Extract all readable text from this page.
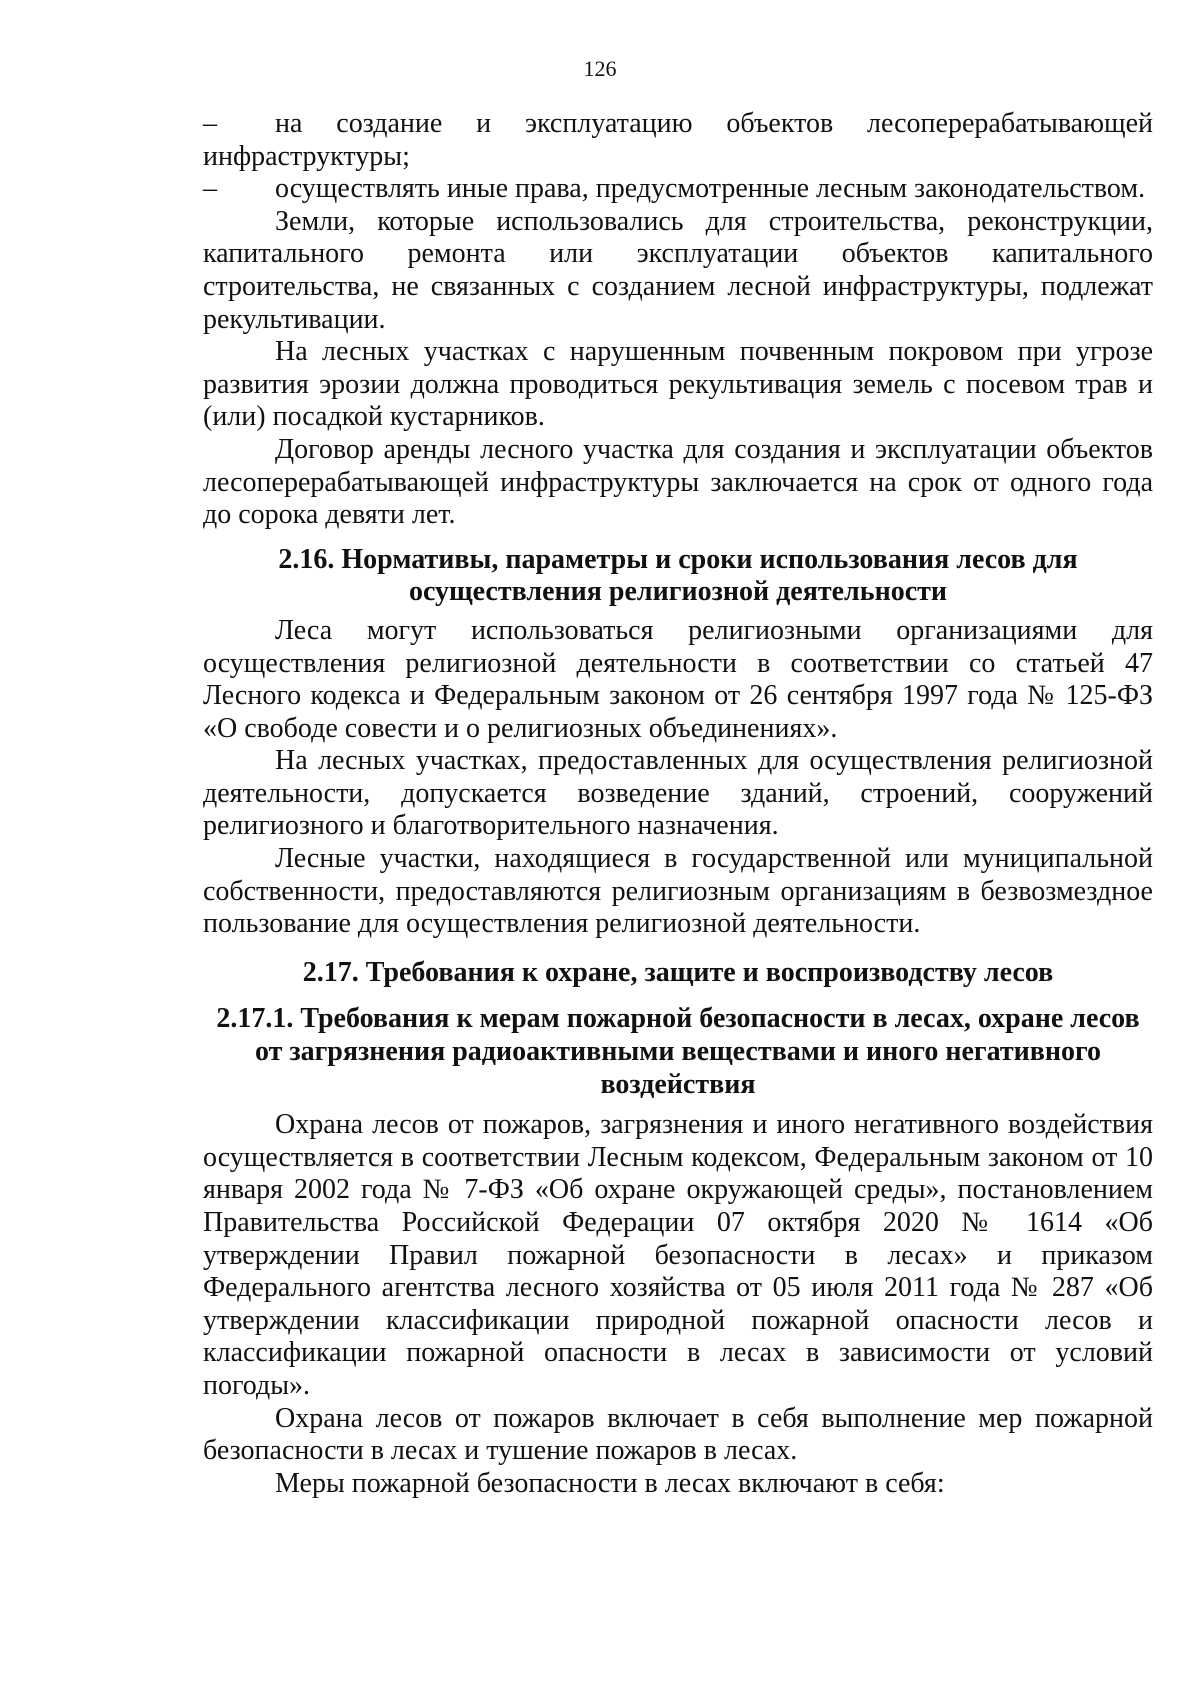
126

– на создание и эксплуатацию объектов лесоперерабатывающей инфраструктуры;

– осуществлять иные права, предусмотренные лесным законодательством.

Земли, которые использовались для строительства, реконструкции, капитального ремонта или эксплуатации объектов капитального строительства, не связанных с созданием лесной инфраструктуры, подлежат рекультивации.

На лесных участках с нарушенным почвенным покровом при угрозе развития эрозии должна проводиться рекультивация земель с посевом трав и (или) посадкой кустарников.

Договор аренды лесного участка для создания и эксплуатации объектов лесоперерабатывающей инфраструктуры заключается на срок от одного года до сорока девяти лет.

2.16. Нормативы, параметры и сроки использования лесов для осуществления религиозной деятельности

Леса могут использоваться религиозными организациями для осуществления религиозной деятельности в соответствии со статьей 47 Лесного кодекса и Федеральным законом от 26 сентября 1997 года № 125-ФЗ «О свободе совести и о религиозных объединениях».

На лесных участках, предоставленных для осуществления религиозной деятельности, допускается возведение зданий, строений, сооружений религиозного и благотворительного назначения.

Лесные участки, находящиеся в государственной или муниципальной собственности, предоставляются религиозным организациям в безвозмездное пользование для осуществления религиозной деятельности.

2.17. Требования к охране, защите и воспроизводству лесов
2.17.1. Требования к мерам пожарной безопасности в лесах, охране лесов от загрязнения радиоактивными веществами и иного негативного воздействия

Охрана лесов от пожаров, загрязнения и иного негативного воздействия осуществляется в соответствии Лесным кодексом, Федеральным законом от 10 января 2002 года № 7-ФЗ «Об охране окружающей среды», постановлением Правительства Российской Федерации 07 октября 2020 № 1614 «Об утверждении Правил пожарной безопасности в лесах» и приказом Федерального агентства лесного хозяйства от 05 июля 2011 года № 287 «Об утверждении классификации природной пожарной опасности лесов и классификации пожарной опасности в лесах в зависимости от условий погоды».

Охрана лесов от пожаров включает в себя выполнение мер пожарной безопасности в лесах и тушение пожаров в лесах.

Меры пожарной безопасности в лесах включают в себя:
